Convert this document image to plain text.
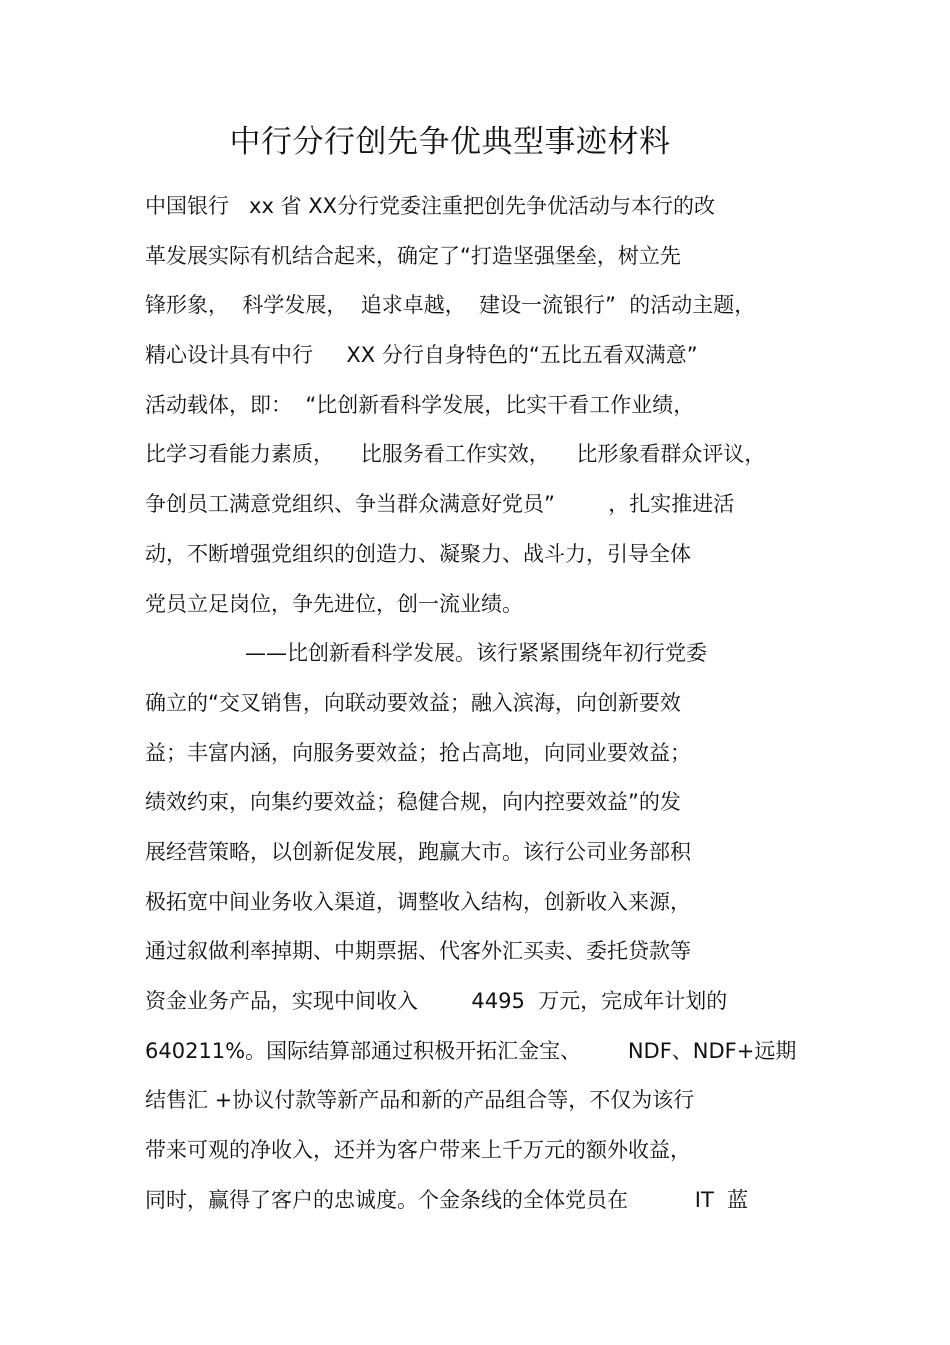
中行分行创先争优典型事迹材料
中国银行   xx 省 XX分行党委注重把创先争优活动与本行的改
革发展实际有机结合起来，确定了“打造坚强堡垒，树立先
锋形象，  科学发展，  追求卓越，  建设一流银行”  的活动主题，
精心设计具有中行     XX 分行自身特色的“五比五看双满意”
活动载体，即：  “比创新看科学发展，比实干看工作业绩，
比学习看能力素质，    比服务看工作实效，    比形象看群众评议，
争创员工满意党组织、争当群众满意好党员”        ，扎实推进活
动，不断增强党组织的创造力、凝聚力、战斗力，引导全体
党员立足岗位，争先进位，创一流业绩。
——比创新看科学发展。该行紧紧围绕年初行党委
确立的“交叉销售，向联动要效益；融入滨海，向创新要效
益；丰富内涵，向服务要效益；抢占高地，向同业要效益；
绩效约束，向集约要效益；稳健合规，向内控要效益”的发
展经营策略，以创新促发展，跑赢大市。该行公司业务部积
极拓宽中间业务收入渠道，调整收入结构，创新收入来源，
通过叙做利率掉期、中期票据、代客外汇买卖、委托贷款等
资金业务产品，实现中间收入        4495  万元，完成年计划的
640211%。国际结算部通过积极开拓汇金宝、       NDF、NDF+远期
结售汇 +协议付款等新产品和新的产品组合等，不仅为该行
带来可观的净收入，还并为客户带来上千万元的额外收益，
同时，赢得了客户的忠诚度。个金条线的全体党员在          IT  蓝
